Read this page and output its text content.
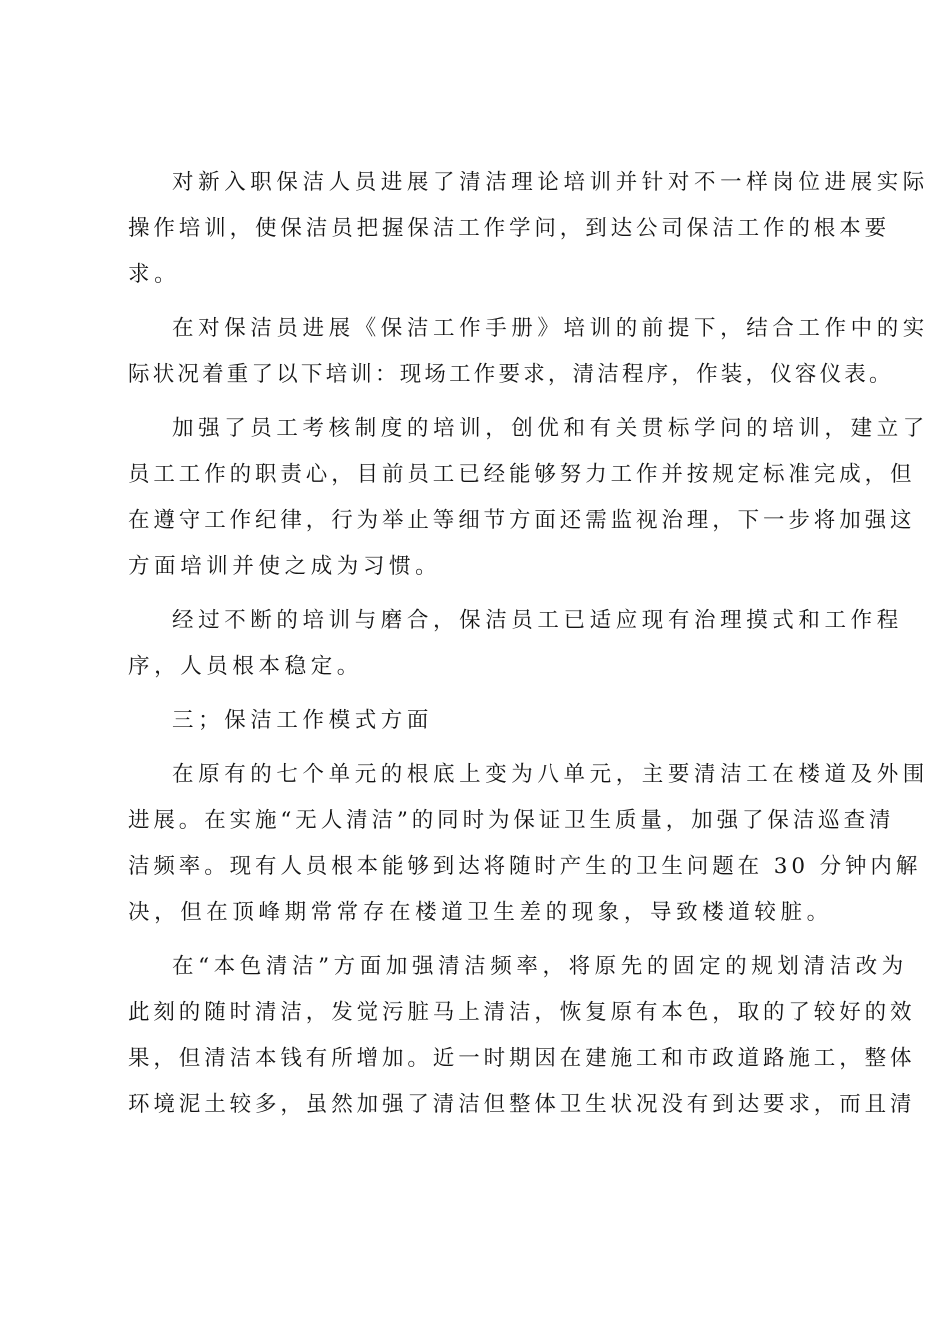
对新入职保洁人员进展了清洁理论培训并针对不一样岗位进展实际
操作培训，使保洁员把握保洁工作学问，到达公司保洁工作的根本要
求。
在对保洁员进展《保洁工作手册》培训的前提下，结合工作中的实
际状况着重了以下培训：现场工作要求，清洁程序，作装，仪容仪表。
加强了员工考核制度的培训，创优和有关贯标学问的培训，建立了
员工工作的职责心，目前员工已经能够努力工作并按规定标准完成，但
在遵守工作纪律，行为举止等细节方面还需监视治理，下一步将加强这
方面培训并使之成为习惯。
经过不断的培训与磨合，保洁员工已适应现有治理摸式和工作程
序，人员根本稳定。
三；保洁工作模式方面
在原有的七个单元的根底上变为八单元，主要清洁工在楼道及外围
进展。在实施“无人清洁”的同时为保证卫生质量，加强了保洁巡查清
洁频率。现有人员根本能够到达将随时产生的卫生问题在 30 分钟内解
决，但在顶峰期常常存在楼道卫生差的现象，导致楼道较脏。
在“本色清洁”方面加强清洁频率，将原先的固定的规划清洁改为
此刻的随时清洁，发觉污脏马上清洁，恢复原有本色，取的了较好的效
果，但清洁本钱有所增加。近一时期因在建施工和市政道路施工，整体
环境泥土较多，虽然加强了清洁但整体卫生状况没有到达要求，而且清
